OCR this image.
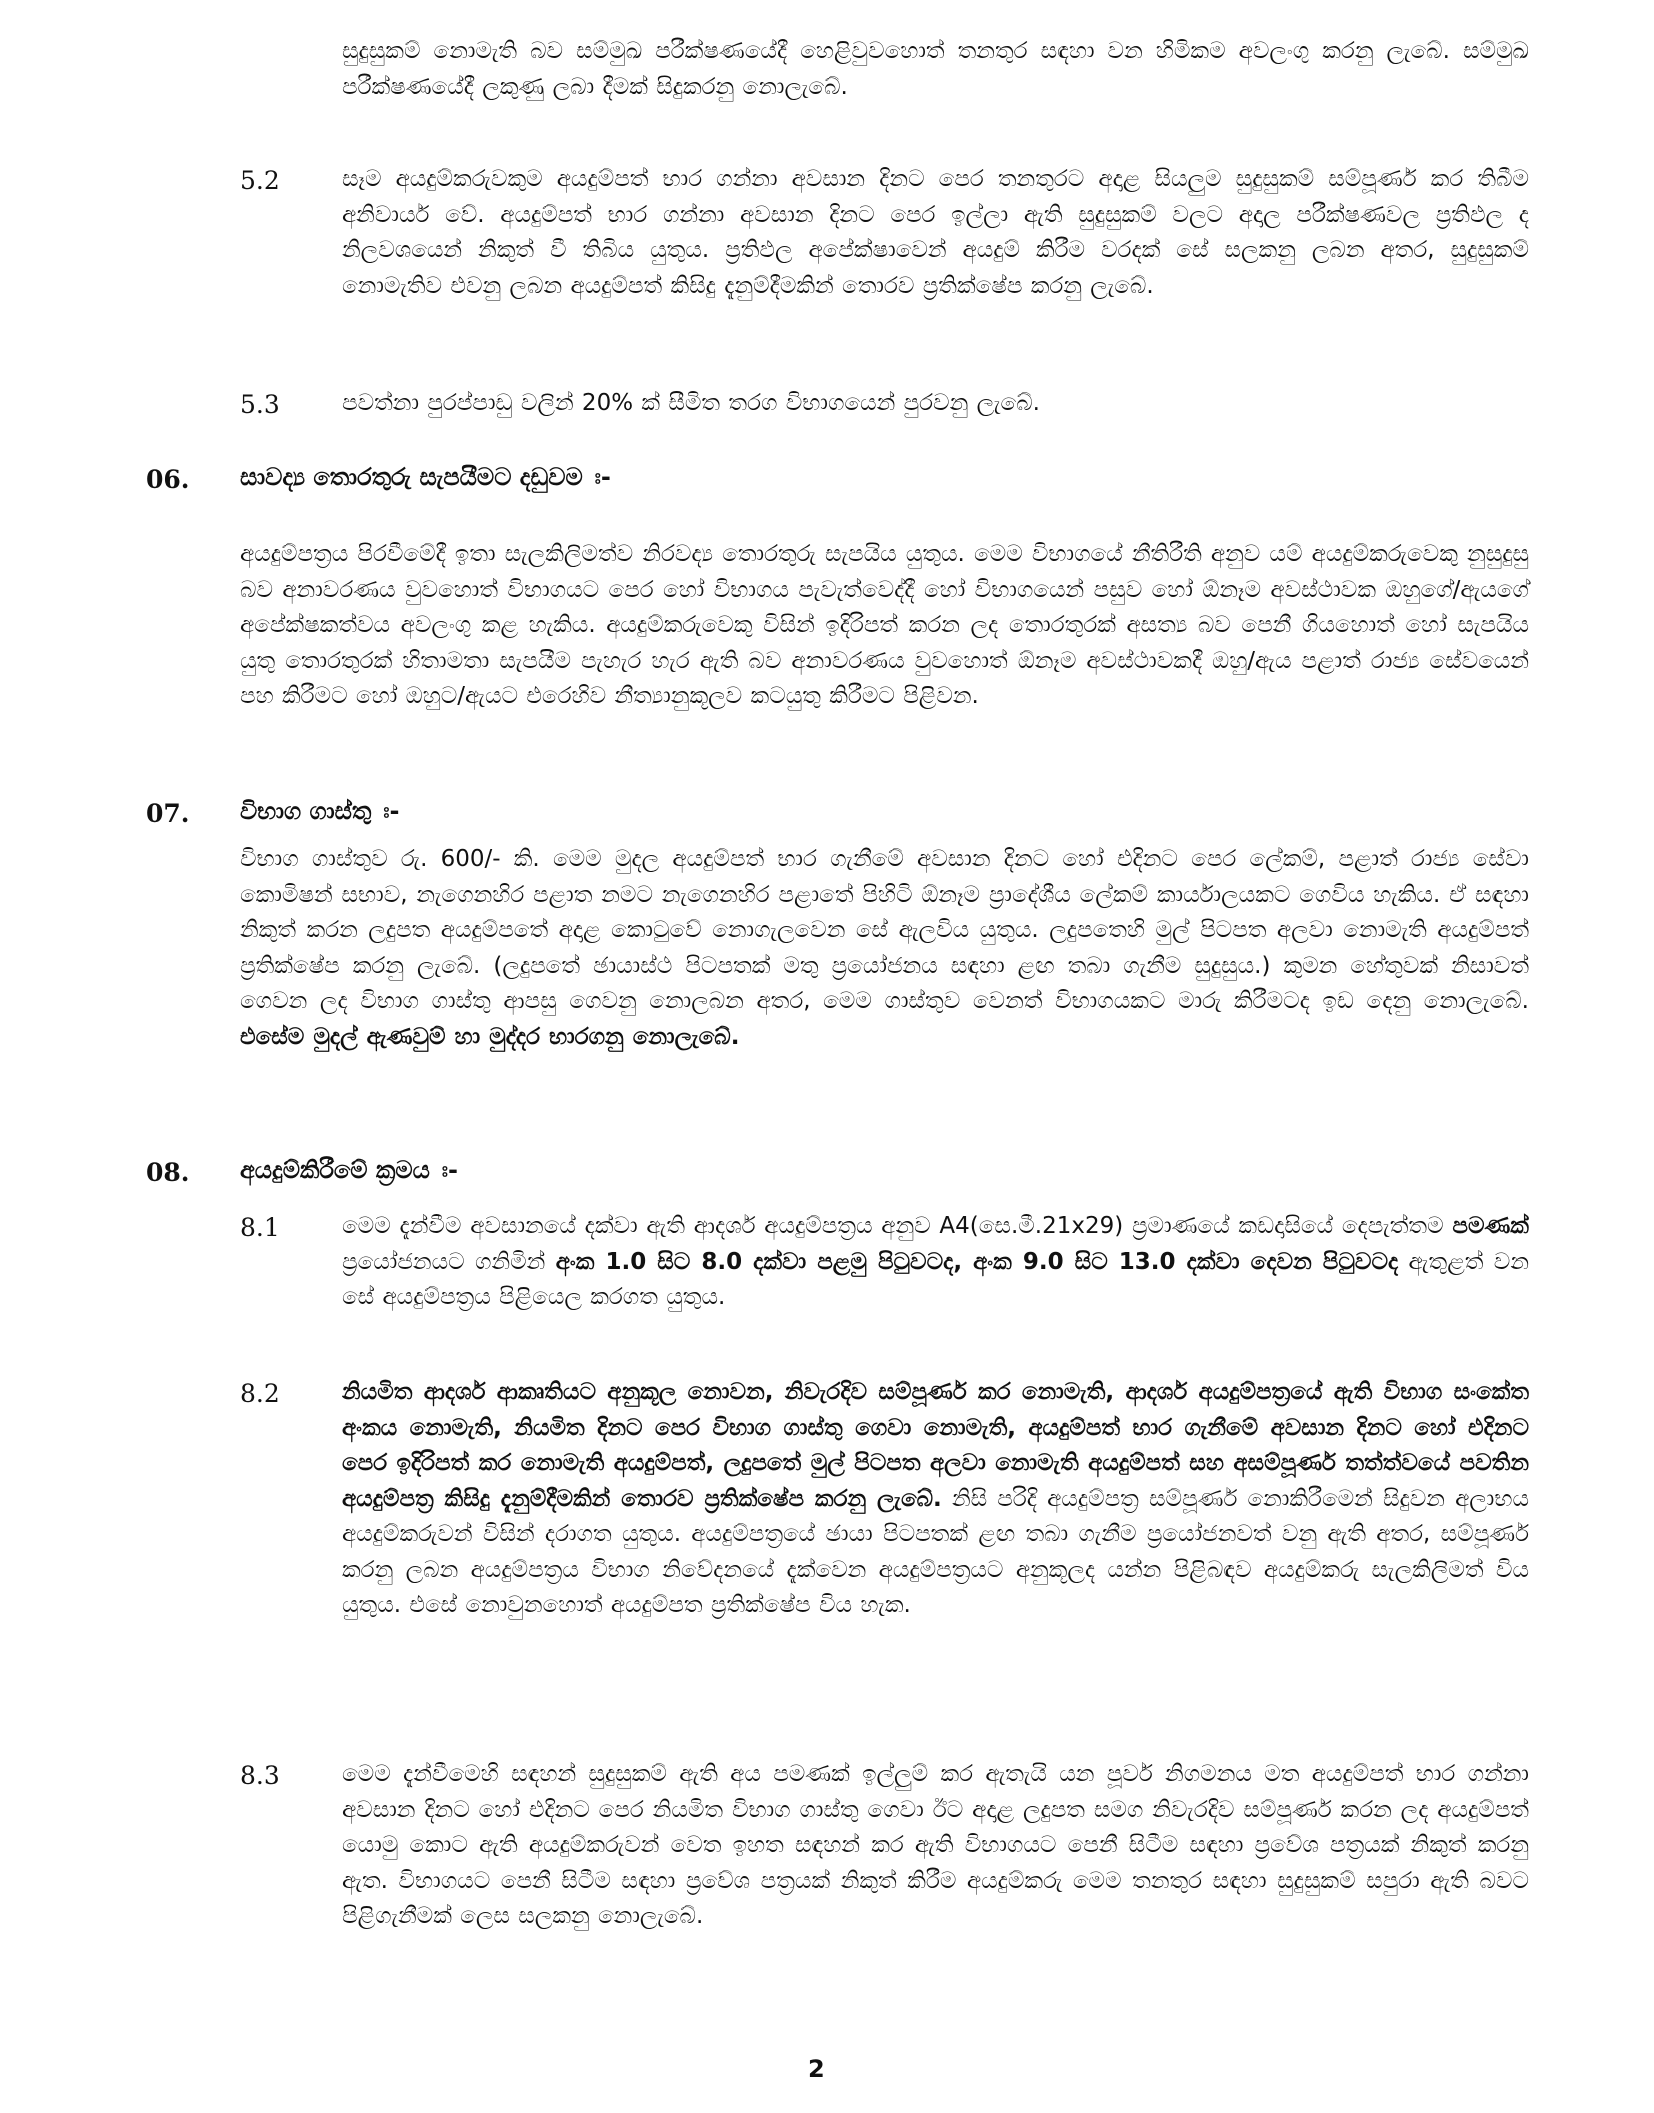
සුදුසුකම් නොමැති බව සම්මුඛ පරීක්ෂණයේදී හෙළිවුවහොත් තනතුර සඳහා වන හිමිකම අවලංගු කරනු ලැබේ. සම්මුඛ පරීක්ෂණයේදී ලකුණු ලබා දීමක් සිදුකරනු නොලැබේ.
5.2	සෑම අයදුම්කරුවකුම අයදුම්පත් භාර ගන්නා අවසාන දිනට පෙර තනතුරට අදාළ සියලුම සුදුසුකම් සම්පූර්ණ කර තිබීම අනිවාර්ය වේ. අයදුම්පත් භාර ගන්නා අවසාන දිනට පෙර ඉල්ලා ඇති සුදුසුකම් වලට අදාල පරීක්ෂණවල ප්‍රතිඵල ද නිලවශයෙන් නිකුත් වී තිබිය යුතුය. ප්‍රතිඵල අපේක්ෂාවෙන් අයදුම් කිරීම වරදක් සේ සලකනු ලබන අතර, සුදුසුකම් නොමැතිව එවනු ලබන අයදුම්පත් කිසිදු දැනුම්දීමකින් තොරව ප්‍රතික්ෂේප කරනු ලැබේ.
5.3	පවත්නා පුරප්පාඩු වලින් 20% ක් සීමිත තරග විභාගයෙන් පුරවනු ලැබේ.
06. සාවද්‍ය තොරතුරු සැපයීමට දඩුවම ඃ-
අයදුම්පත්‍රය පිරවීමේදී ඉතා සැලකිලිමත්ව නිරවද්‍ය තොරතුරු සැපයිය යුතුය. මෙම විභාගයේ නීතිරීති අනුව යම් අයදුම්කරුවෙකු නුසුදුසු බව අනාවරණය වුවහොත් විභාගයට පෙර හෝ විභාගය පැවැත්වෙද්දී හෝ විභාගයෙන් පසුව හෝ ඕනෑම අවස්ථාවක ඔහුගේ/ඇයගේ අපේක්ෂකත්වය අවලංගු කළ හැකිය. අයදුම්කරුවෙකු විසින් ඉදිරිපත් කරන ලද තොරතුරක් අසත්‍ය බව පෙනී ගියහොත් හෝ සැපයිය යුතු තොරතුරක් හිතාමතා සැපයීම පැහැර හැර ඇති බව අනාවරණය වුවහොත් ඕනෑම අවස්ථාවකදී ඔහු/ඇය පළාත් රාජ්‍ය සේවයෙන් පහ කිරීමට හෝ ඔහුට/ඇයට එරෙහිව නීත්‍යානුකූලව කටයුතු කිරීමට පිළිවන.
07. විභාග ගාස්තු ඃ-
විභාග ගාස්තුව රු. 600/- කි. මෙම මුදල අයදුම්පත් භාර ගැනීමේ අවසාන දිනට හෝ එදිනට පෙර ලේකම්, පළාත් රාජ්‍ය සේවා කොමිෂන් සභාව, නැගෙනහිර පළාත නමට නැගෙනහිර පළාතේ පිහිටි ඕනෑම ප්‍රාදේශීය ලේකම් කාර්යාලයකට ගෙවිය හැකිය. ඒ සඳහා නිකුත් කරන ලදුපත අයදුම්පතේ අදාළ කොටුවේ නොගැලවෙන සේ ඇලවිය යුතුය. ලදුපතෙහි මුල් පිටපත අලවා නොමැති අයදුම්පත් ප්‍රතික්ෂේප කරනු ලැබේ. (ලදුපතේ ඡායාස්ථ පිටපතක් මතු ප්‍රයෝජනය සඳහා ළඟ තබා ගැනීම සුදුසුය.) කුමන හේතුවක් නිසාවත් ගෙවන ලද විභාග ගාස්තු ආපසු ගෙවනු නොලබන අතර, මෙම ගාස්තුව වෙනත් විභාගයකට මාරු කිරීමටද ඉඩ දෙනු නොලැබේ. එසේම මුදල් ඇණවුම් හා මුද්දර භාරගනු නොලැබේ.
08. අයදුම්කිරීමේ ක්‍රමය ඃ-
8.1	මෙම දැන්වීම අවසානයේ දක්වා ඇති ආදර්ශ අයදුම්පත්‍රය අනුව A4(සෙ.මී.21x29) ප්‍රමාණයේ කඩදාසියේ දෙපැත්තම පමණක් ප්‍රයෝජනයට ගනිමින් අංක 1.0 සිට 8.0 දක්වා පළමු පිටුවටද, අංක 9.0 සිට 13.0 දක්වා දෙවන පිටුවටද ඇතුළත් වන සේ අයදුම්පත්‍රය පිළියෙල කරගත යුතුය.
8.2	නියමිත ආදර්ශ ආකෘතියට අනුකූල නොවන, නිවැරදිව සම්පූර්ණ කර නොමැති, ආදර්ශ අයදුම්පත්‍රයේ ඇති විභාග සංකේත අංකය නොමැති, නියමිත දිනට පෙර විභාග ගාස්තු ගෙවා නොමැති, අයදුම්පත් භාර ගැනීමේ අවසාන දිනට හෝ එදිනට පෙර ඉදිරිපත් කර නොමැති අයදුම්පත්, ලදුපතේ මුල් පිටපත අලවා නොමැති අයදුම්පත් සහ අසම්පූර්ණ තත්ත්වයේ පවතින අයදුම්පත්‍ර කිසිදු දැනුම්දීමකින් තොරව ප්‍රතික්ෂේප කරනු ලැබේ. නිසි පරිදි අයදුම්පත්‍ර සම්පූර්ණ නොකිරීමෙන් සිදුවන අලාභය අයදුම්කරුවන් විසින් දරාගත යුතුය. අයදුම්පත්‍රයේ ඡායා පිටපතක් ළඟ තබා ගැනීම ප්‍රයෝජනවත් වනු ඇති අතර, සම්පූර්ණ කරනු ලබන අයදුම්පත්‍රය විභාග නිවේදනයේ දැක්වෙන අයදුම්පත්‍රයට අනුකූලද යන්න පිළිබඳව අයදුම්කරු සැලකිලිමත් විය යුතුය. එසේ නොවුනහොත් අයදුම්පත ප්‍රතික්ෂේප විය හැක.
8.3	මෙම දැන්වීමෙහි සඳහන් සුදුසුකම් ඇති අය පමණක් ඉල්ලුම් කර ඇතැයි යන පූර්ව නිගමනය මත අයදුම්පත් භාර ගන්නා අවසාන දිනට හෝ එදිනට පෙර නියමිත විභාග ගාස්තු ගෙවා ඊට අදාළ ලදුපත සමග නිවැරදිව සම්පූර්ණ කරන ලද අයදුම්පත් යොමු කොට ඇති අයදුම්කරුවන් වෙත ඉහත සඳහන් කර ඇති විභාගයට පෙනී සිටීම සඳහා ප්‍රවේශ පත්‍රයක් නිකුත් කරනු ඇත. විභාගයට පෙනී සිටීම සඳහා ප්‍රවේශ පත්‍රයක් නිකුත් කිරීම අයදුම්කරු මෙම තනතුර සඳහා සුදුසුකම් සපුරා ඇති බවට පිළිගැනීමක් ලෙස සලකනු නොලැබේ.
2
